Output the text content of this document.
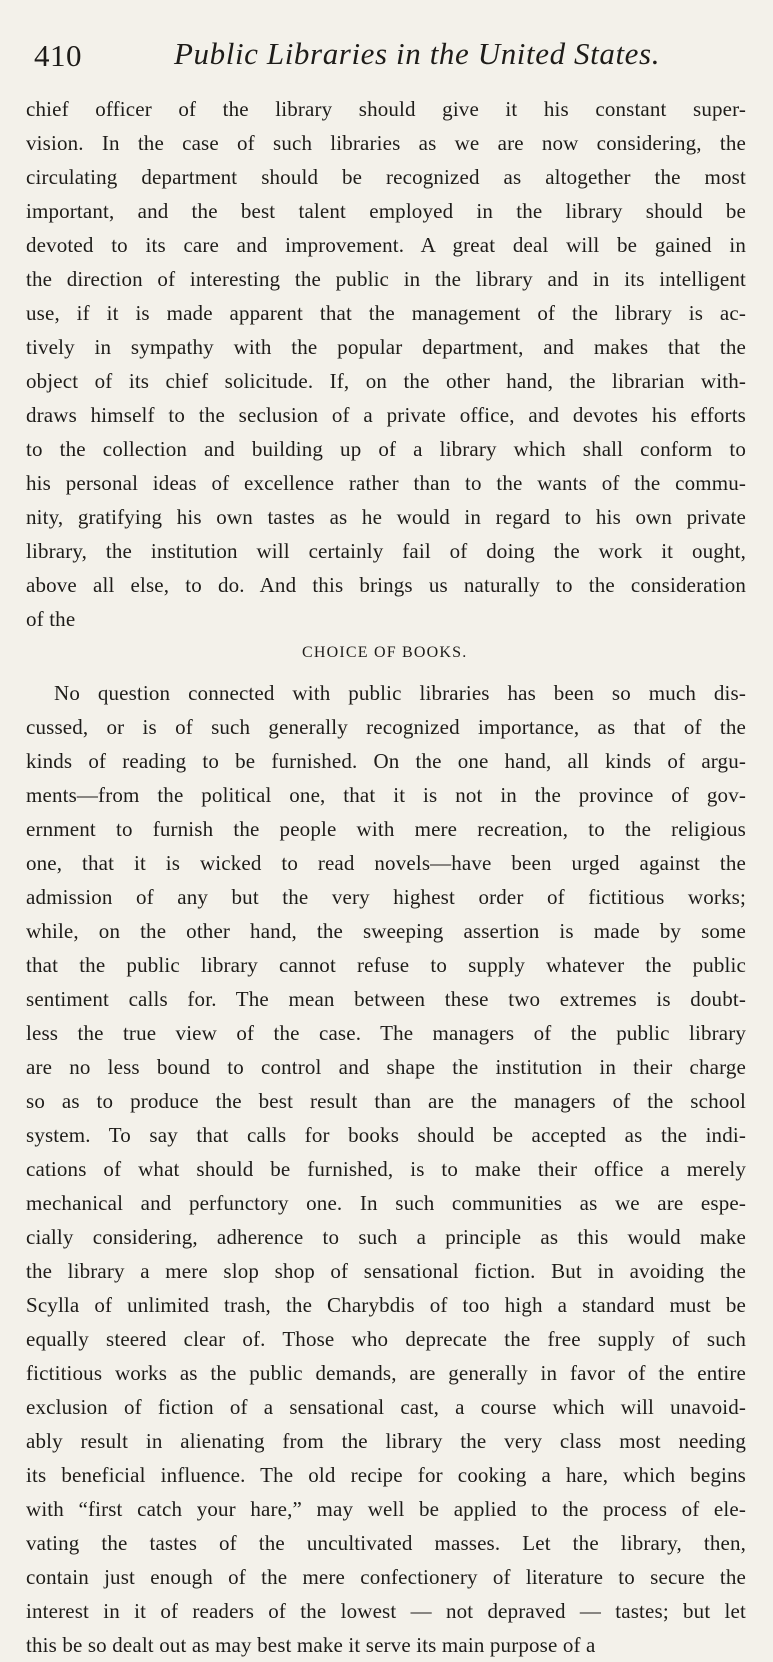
410	Public Libraries in the United States.
chief officer of the library should give it his constant super-
vision. In the case of such libraries as we are now considering, the
circulating department should be recognized as altogether the most
important, and the best talent employed in the library should be
devoted to its care and improvement. A great deal will be gained in
the direction of interesting the public in the library and in its intelligent
use, if it is made apparent that the management of the library is ac-
tively in sympathy with the popular department, and makes that the
object of its chief solicitude. If, on the other hand, the librarian with-
draws himself to the seclusion of a private office, and devotes his efforts
to the collection and building up of a library which shall conform to
his personal ideas of excellence rather than to the wants of the commu-
nity, gratifying his own tastes as he would in regard to his own private
library, the institution will certainly fail of doing the work it ought,
above all else, to do. And this brings us naturally to the consideration
of the
CHOICE OF BOOKS.
No question connected with public libraries has been so much dis-
cussed, or is of such generally recognized importance, as that of the
kinds of reading to be furnished. On the one hand, all kinds of argu-
ments—from the political one, that it is not in the province of gov-
ernment to furnish the people with mere recreation, to the religious
one, that it is wicked to read novels—have been urged against the
admission of any but the very highest order of fictitious works;
while, on the other hand, the sweeping assertion is made by some
that the public library cannot refuse to supply whatever the public
sentiment calls for. The mean between these two extremes is doubt-
less the true view of the case. The managers of the public library
are no less bound to control and shape the institution in their charge
so as to produce the best result than are the managers of the school
system. To say that calls for books should be accepted as the indi-
cations of what should be furnished, is to make their office a merely
mechanical and perfunctory one. In such communities as we are espe-
cially considering, adherence to such a principle as this would make
the library a mere slop shop of sensational fiction. But in avoiding the
Scylla of unlimited trash, the Charybdis of too high a standard must be
equally steered clear of. Those who deprecate the free supply of such
fictitious works as the public demands, are generally in favor of the entire
exclusion of fiction of a sensational cast, a course which will unavoid-
ably result in alienating from the library the very class most needing
its beneficial influence. The old recipe for cooking a hare, which begins
with “first catch your hare,” may well be applied to the process of ele-
vating the tastes of the uncultivated masses. Let the library, then,
contain just enough of the mere confectionery of literature to secure the
interest in it of readers of the lowest — not depraved — tastes; but let
this be so dealt out as may best make it serve its main purpose of a
